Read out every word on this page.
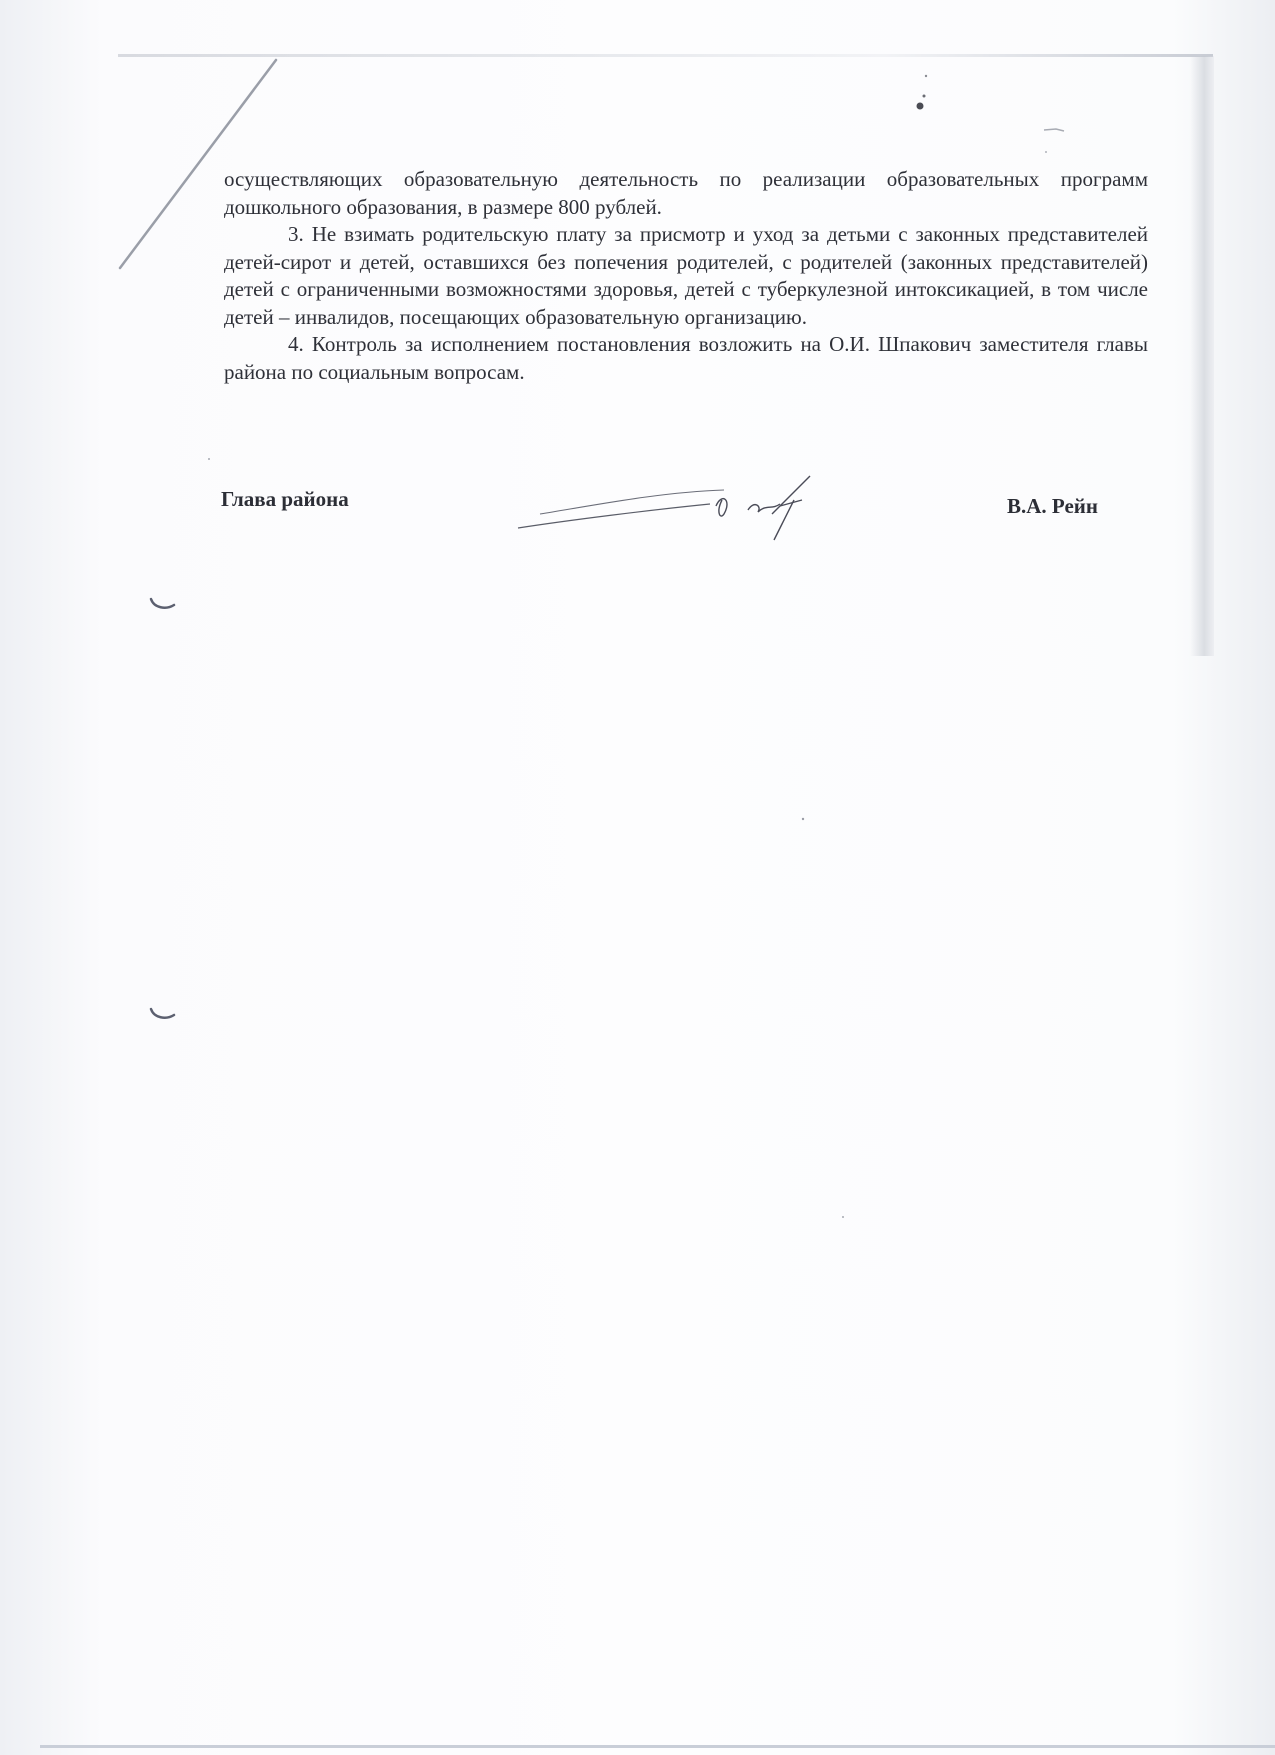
осуществляющих образовательную деятельность по реализации образовательных программ дошкольного образования, в размере 800 рублей.

3. Не взимать родительскую плату за присмотр и уход за детьми с законных представителей детей-сирот и детей, оставшихся без попечения родителей, с родителей (законных представителей) детей с ограниченными возможностями здоровья, детей с туберкулезной интоксикацией, в том числе детей – инвалидов, посещающих образовательную организацию.

4. Контроль за исполнением постановления возложить на О.И. Шпакович заместителя главы района по социальным вопросам.

Глава района	В.А. Рейн
